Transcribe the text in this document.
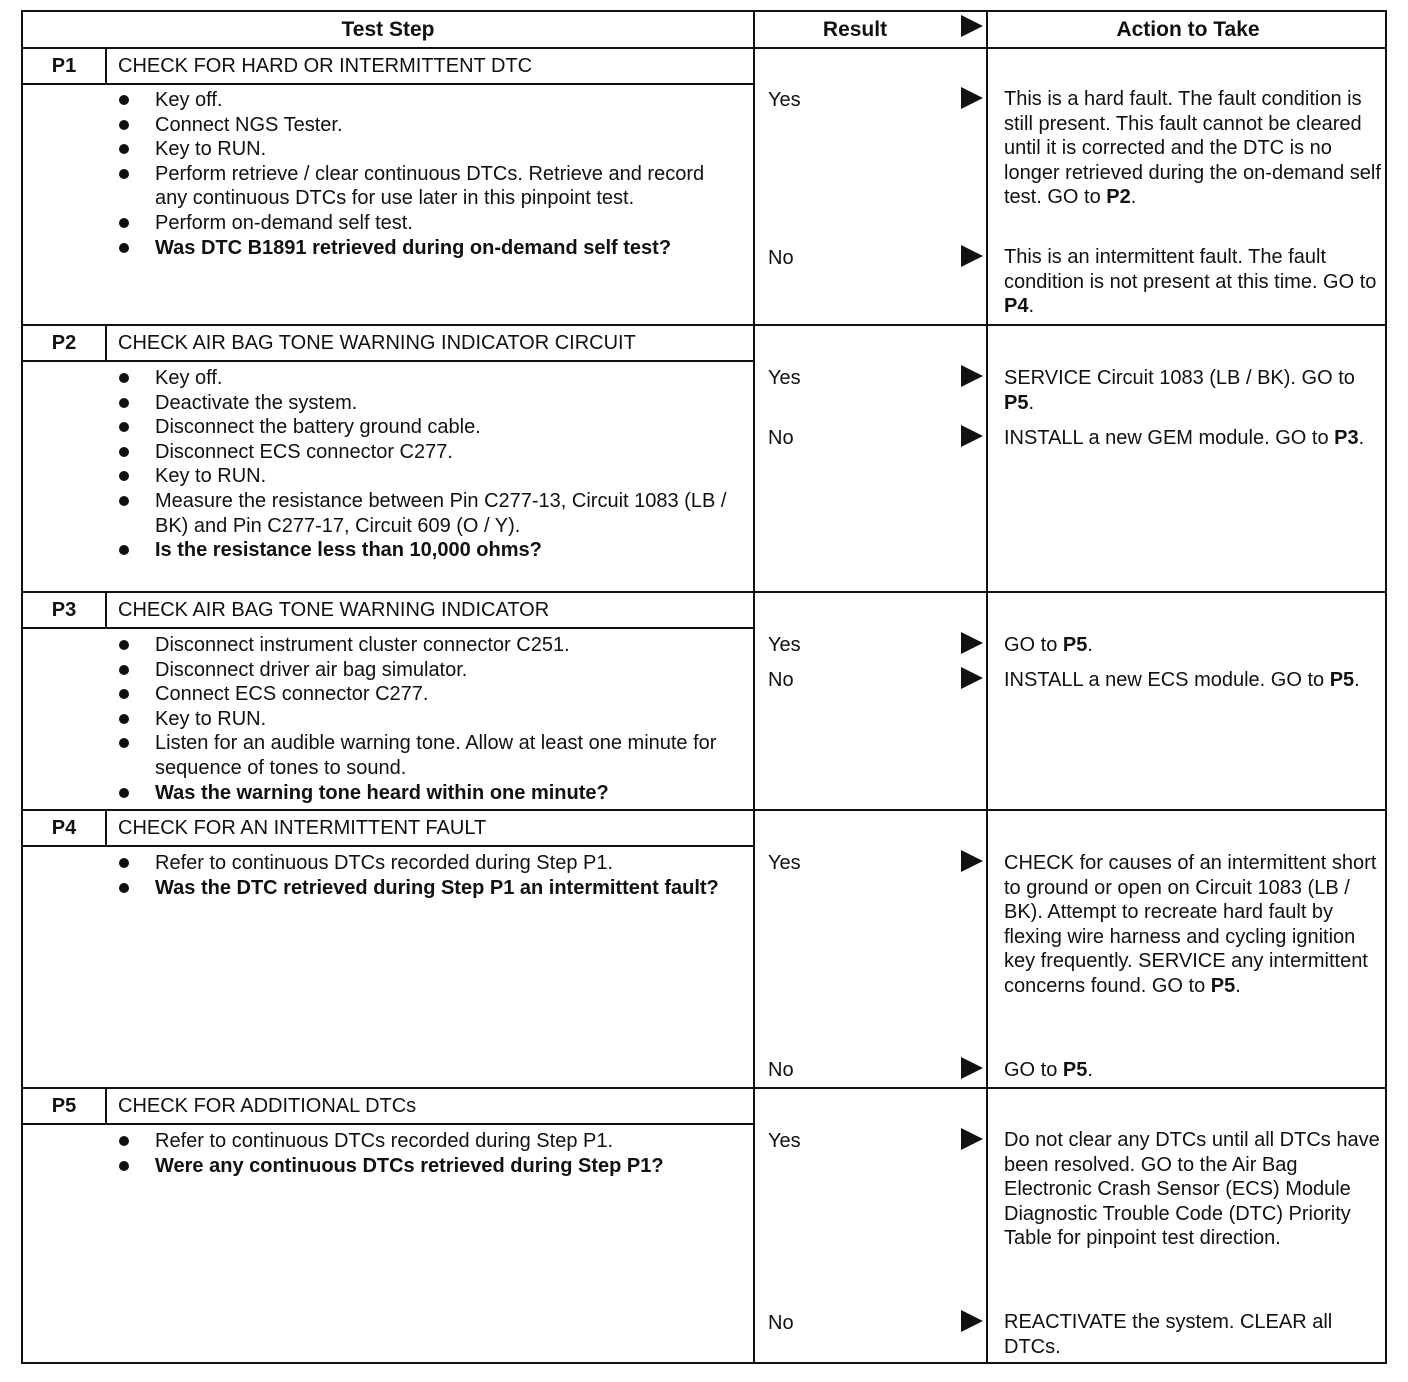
Test Step	Result	Action to Take
P1	CHECK FOR HARD OR INTERMITTENT DTC
Key off.
Connect NGS Tester.
Key to RUN.
Perform retrieve / clear continuous DTCs. Retrieve and record any continuous DTCs for use later in this pinpoint test.
Perform on-demand self test.
Was DTC B1891 retrieved during on-demand self test?
Yes	This is a hard fault. The fault condition is still present. This fault cannot be cleared until it is corrected and the DTC is no longer retrieved during the on-demand self test. GO to P2.
No	This is an intermittent fault. The fault condition is not present at this time. GO to P4.
P2	CHECK AIR BAG TONE WARNING INDICATOR CIRCUIT
Key off.
Deactivate the system.
Disconnect the battery ground cable.
Disconnect ECS connector C277.
Key to RUN.
Measure the resistance between Pin C277-13, Circuit 1083 (LB / BK) and Pin C277-17, Circuit 609 (O / Y).
Is the resistance less than 10,000 ohms?
Yes	SERVICE Circuit 1083 (LB / BK). GO to P5.
No	INSTALL a new GEM module. GO to P3.
P3	CHECK AIR BAG TONE WARNING INDICATOR
Disconnect instrument cluster connector C251.
Disconnect driver air bag simulator.
Connect ECS connector C277.
Key to RUN.
Listen for an audible warning tone. Allow at least one minute for sequence of tones to sound.
Was the warning tone heard within one minute?
Yes	GO to P5.
No	INSTALL a new ECS module. GO to P5.
P4	CHECK FOR AN INTERMITTENT FAULT
Refer to continuous DTCs recorded during Step P1.
Was the DTC retrieved during Step P1 an intermittent fault?
Yes	CHECK for causes of an intermittent short to ground or open on Circuit 1083 (LB / BK). Attempt to recreate hard fault by flexing wire harness and cycling ignition key frequently. SERVICE any intermittent concerns found. GO to P5.
No	GO to P5.
P5	CHECK FOR ADDITIONAL DTCs
Refer to continuous DTCs recorded during Step P1.
Were any continuous DTCs retrieved during Step P1?
Yes	Do not clear any DTCs until all DTCs have been resolved. GO to the Air Bag Electronic Crash Sensor (ECS) Module Diagnostic Trouble Code (DTC) Priority Table for pinpoint test direction.
No	REACTIVATE the system. CLEAR all DTCs.
